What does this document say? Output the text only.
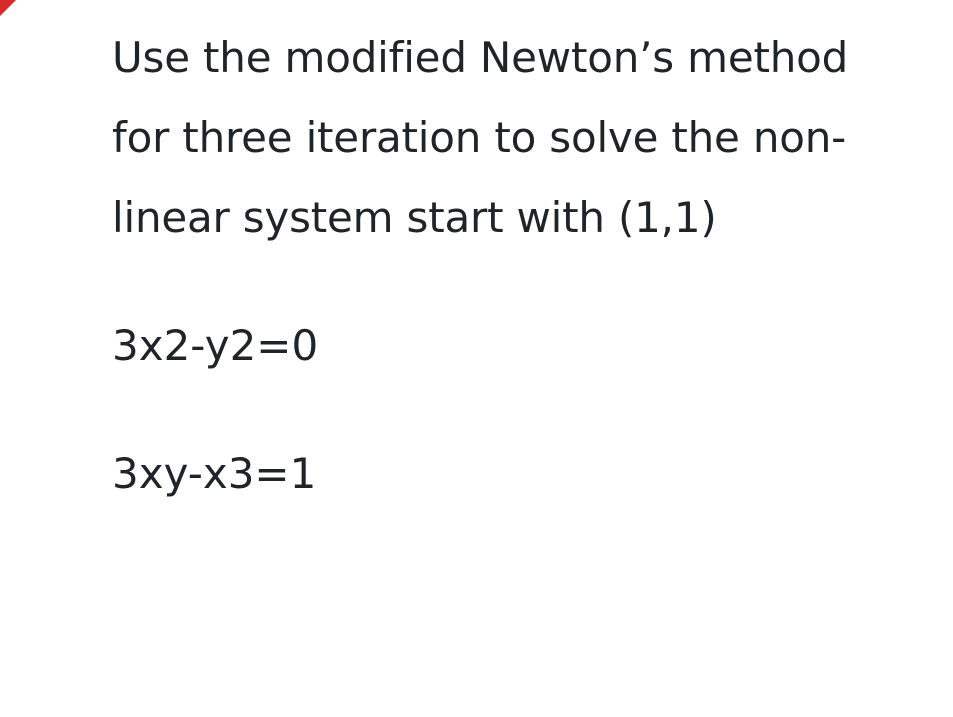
Use the modified Newton’s method
for three iteration to solve the non-
linear system start with (1,1)
3x2-y2=0
3xy-x3=1
